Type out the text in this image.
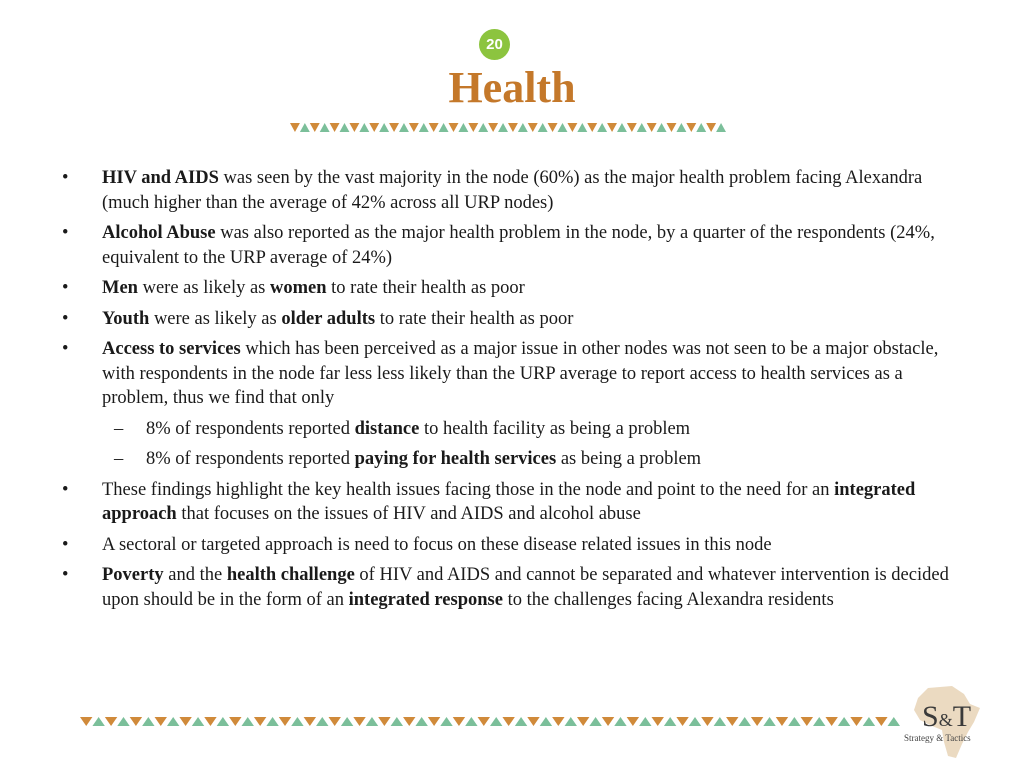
20
Health
•	HIV and AIDS was seen by the vast majority in the node (60%) as the major health problem facing Alexandra (much higher than the average of 42% across all URP nodes)
•	Alcohol Abuse was also reported as the major health problem in the node, by a quarter of the respondents (24%, equivalent to the URP average of 24%)
•	Men were as likely as women to rate their health as poor
•	Youth were as likely as older adults to rate their health as poor
•	Access to services which has been perceived as a major issue in other nodes was not seen to be a major obstacle, with respondents in the node far less less likely than the URP average to report access to health services as a problem, thus we find that only
–	8% of respondents reported distance to health facility as being a problem
–	8% of respondents reported paying for health services as being a problem
•	These findings highlight the key health issues facing those in the node and point to the need for an integrated approach that focuses on the issues of HIV and AIDS and alcohol abuse
•	A sectoral or targeted approach is need to focus on these disease related issues in this node
•	Poverty and the health challenge of HIV and AIDS and cannot be separated and whatever intervention is decided upon should be in the form of an integrated response to the challenges facing Alexandra residents
S&T
Strategy & Tactics
